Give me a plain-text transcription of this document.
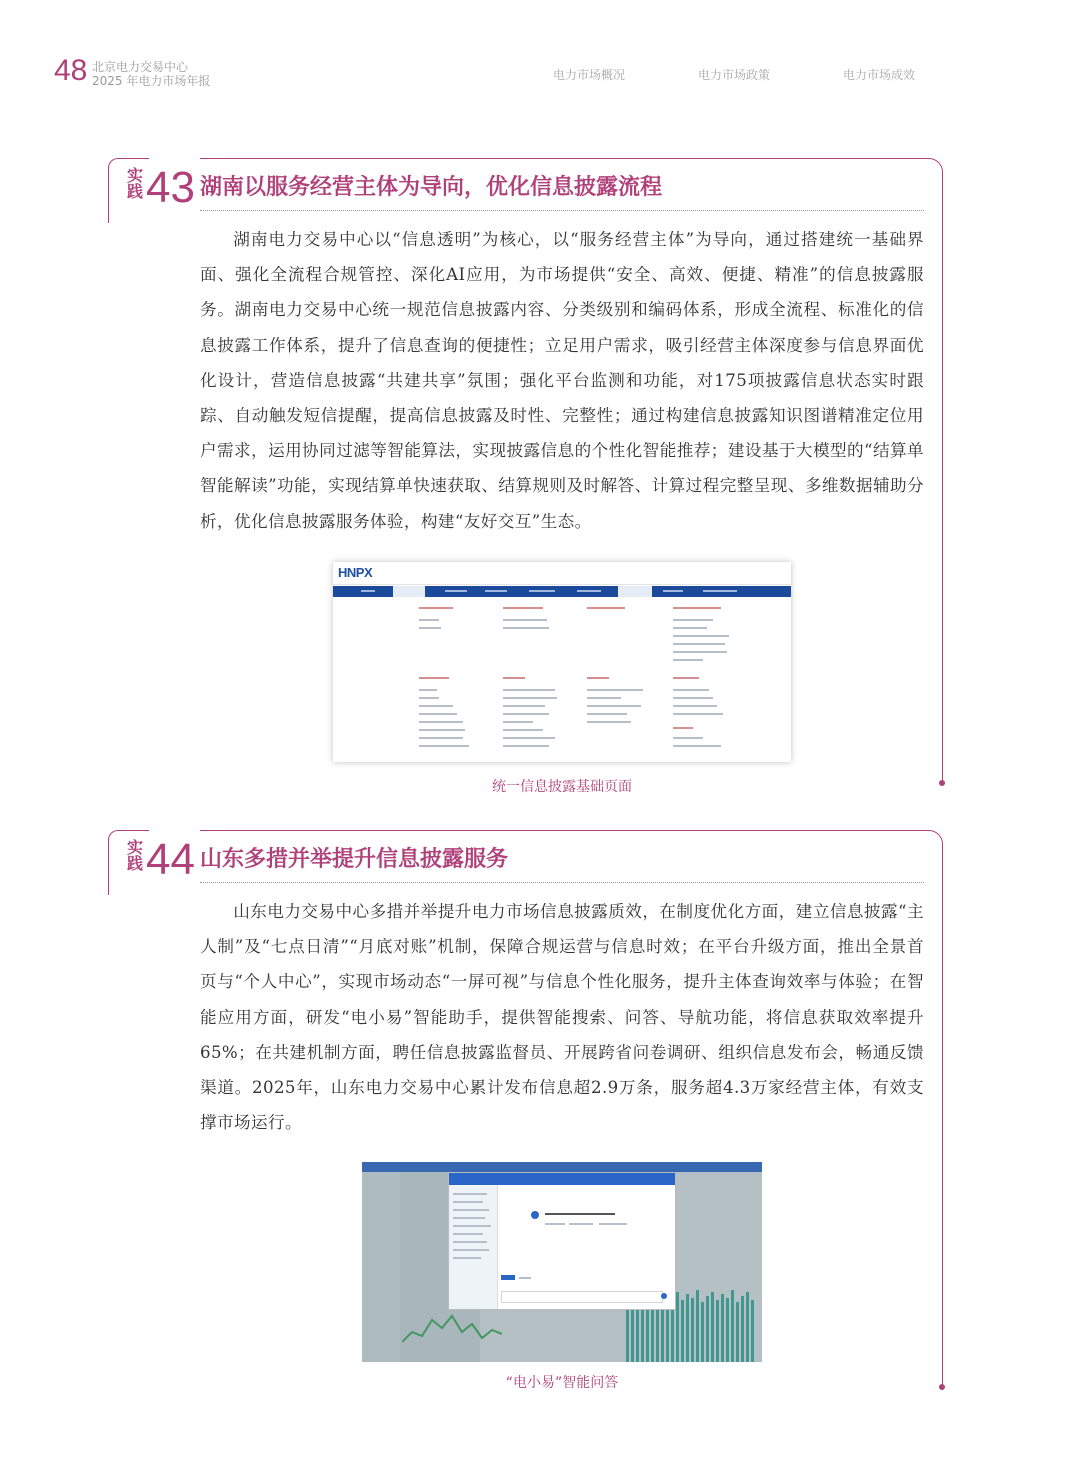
48 北京电力交易中心
2025 年电力市场年报	电力市场概况	电力市场政策	电力市场成效
实
践 43 湖南以服务经营主体为导向，优化信息披露流程
湖南电力交易中心以“信息透明”为核心，以“服务经营主体”为导向，通过搭建统一基础界面、强化全流程合规管控、深化AI应用，为市场提供“安全、高效、便捷、精准”的信息披露服务。湖南电力交易中心统一规范信息披露内容、分类级别和编码体系，形成全流程、标准化的信息披露工作体系，提升了信息查询的便捷性；立足用户需求，吸引经营主体深度参与信息界面优化设计，营造信息披露“共建共享”氛围；强化平台监测和功能，对175项披露信息状态实时跟踪、自动触发短信提醒，提高信息披露及时性、完整性；通过构建信息披露知识图谱精准定位用户需求，运用协同过滤等智能算法，实现披露信息的个性化智能推荐；建设基于大模型的“结算单智能解读”功能，实现结算单快速获取、结算规则及时解答、计算过程完整呈现、多维数据辅助分析，优化信息披露服务体验，构建“友好交互”生态。
HNPX
统一信息披露基础页面
实
践 44 山东多措并举提升信息披露服务
山东电力交易中心多措并举提升电力市场信息披露质效，在制度优化方面，建立信息披露“主人制”及“七点日清”“月底对账”机制，保障合规运营与信息时效；在平台升级方面，推出全景首页与“个人中心”，实现市场动态“一屏可视”与信息个性化服务，提升主体查询效率与体验；在智能应用方面，研发“电小易”智能助手，提供智能搜索、问答、导航功能，将信息获取效率提升65%；在共建机制方面，聘任信息披露监督员、开展跨省问卷调研、组织信息发布会，畅通反馈渠道。2025年，山东电力交易中心累计发布信息超2.9万条，服务超4.3万家经营主体，有效支撑市场运行。
“电小易”智能问答
